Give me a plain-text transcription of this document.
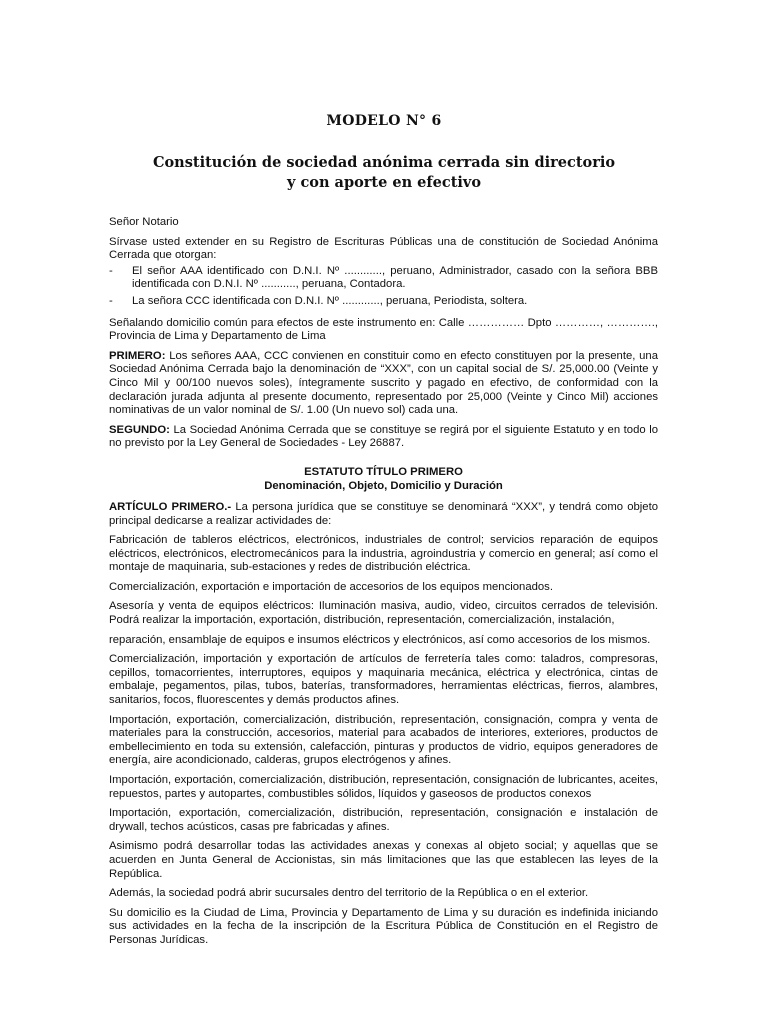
MODELO N° 6
Constitución de sociedad anónima cerrada sin directorio
y con aporte en efectivo

Señor Notario

Sírvase usted extender en su Registro de Escrituras Públicas una de constitución de Sociedad Anónima Cerrada que otorgan:

-	El señor AAA identificado con D.N.I. Nº ............, peruano, Administrador, casado con la señora BBB identificada con D.N.I. Nº ..........., peruana, Contadora.
-	La señora CCC identificada con D.N.I. Nº ............, peruana, Periodista, soltera.

Señalando domicilio común para efectos de este instrumento en: Calle …………… Dpto …………, …………., Provincia de Lima y Departamento de Lima

PRIMERO: Los señores AAA, CCC convienen en constituir como en efecto constituyen por la presente, una Sociedad Anónima Cerrada bajo la denominación de “XXX”, con un capital social de S/. 25,000.00 (Veinte y Cinco Mil y 00/100 nuevos soles), íntegramente suscrito y pagado en efectivo, de conformidad con la declaración jurada adjunta al presente documento, representado por 25,000 (Veinte y Cinco Mil) acciones nominativas de un valor nominal de S/. 1.00 (Un nuevo sol) cada una.

SEGUNDO: La Sociedad Anónima Cerrada que se constituye se regirá por el siguiente Estatuto y en todo lo no previsto por la Ley General de Sociedades - Ley 26887.

ESTATUTO TÍTULO PRIMERO
Denominación, Objeto, Domicilio y Duración

ARTÍCULO PRIMERO.- La persona jurídica que se constituye se denominará “XXX”, y tendrá como objeto principal dedicarse a realizar actividades de:

Fabricación de tableros eléctricos, electrónicos, industriales de control; servicios reparación de equipos eléctricos, electrónicos, electromecánicos para la industria, agroindustria y comercio en general; así como el montaje de maquinaria, sub-estaciones y redes de distribución eléctrica.

Comercialización, exportación e importación de accesorios de los equipos mencionados.

Asesoría y venta de equipos eléctricos: Iluminación masiva, audio, video, circuitos cerrados de televisión. Podrá realizar la importación, exportación, distribución, representación, comercialización, instalación,

reparación, ensamblaje de equipos e insumos eléctricos y electrónicos, así como accesorios de los mismos.

Comercialización, importación y exportación de artículos de ferretería tales como: taladros, compresoras, cepillos, tomacorrientes, interruptores, equipos y maquinaria mecánica, eléctrica y electrónica, cintas de embalaje, pegamentos, pilas, tubos, baterías, transformadores, herramientas eléctricas, fierros, alambres, sanitarios, focos, fluorescentes y demás productos afines.

Importación, exportación, comercialización, distribución, representación, consignación, compra y venta de materiales para la construcción, accesorios, material para acabados de interiores, exteriores, productos de embellecimiento en toda su extensión, calefacción, pinturas y productos de vidrio, equipos generadores de energía, aire acondicionado, calderas, grupos electrógenos y afines.

Importación, exportación, comercialización, distribución, representación, consignación de lubricantes, aceites, repuestos, partes y autopartes, combustibles sólidos, líquidos y gaseosos de productos conexos

Importación, exportación, comercialización, distribución, representación, consignación e instalación de drywall, techos acústicos, casas pre fabricadas y afines.

Asimismo podrá desarrollar todas las actividades anexas y conexas al objeto social; y aquellas que se acuerden en Junta General de Accionistas, sin más limitaciones que las que establecen las leyes de la República.

Además, la sociedad podrá abrir sucursales dentro del territorio de la República o en el exterior.

Su domicilio es la Ciudad de Lima, Provincia y Departamento de Lima y su duración es indefinida iniciando sus actividades en la fecha de la inscripción de la Escritura Pública de Constitución en el Registro de Personas Jurídicas.
